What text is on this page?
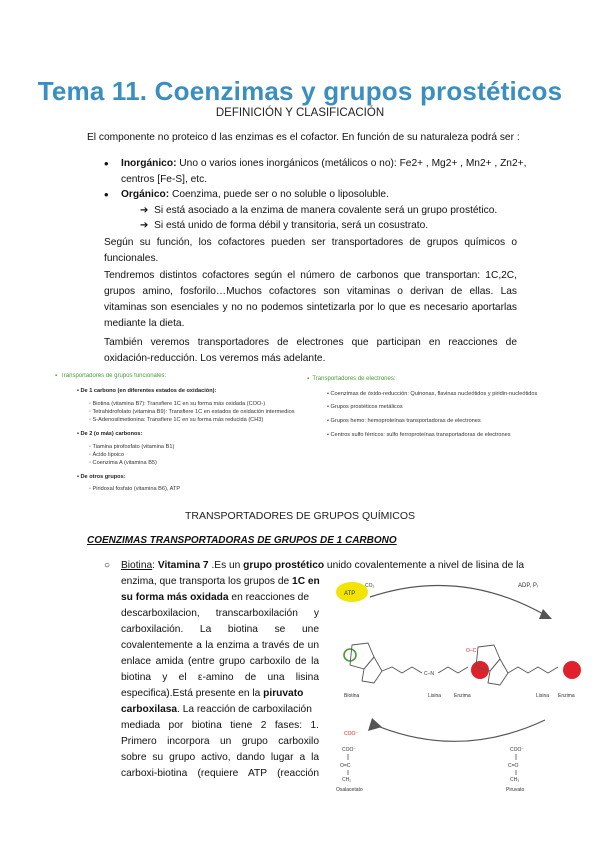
Tema 11. Coenzimas y grupos prostéticos
DEFINICIÓN Y CLASIFICACIÓN
El componente no proteico d las enzimas es el cofactor. En función de su naturaleza podrá ser :
• Inorgánico: Uno o varios iones inorgánicos (metálicos o no): Fe2+ , Mg2+ , Mn2+ , Zn2+,
centros [Fe-S], etc.
• Orgánico: Coenzima, puede ser o no soluble o liposoluble.
➔ Si está asociado a la enzima de manera covalente será un grupo prostético.
➔ Si está unido de forma débil y transitoria, será un cosustrato.
Según su función, los cofactores pueden ser transportadores de grupos químicos o funcionales.
Tendremos distintos cofactores según el número de carbonos que transportan: 1C,2C, grupos amino, fosforilo…Muchos cofactores son vitaminas o derivan de ellas. Las vitaminas son esenciales y no no podemos sintetizarla por lo que es necesario aportarlas mediante la dieta.
También veremos transportadores de electrones que participan en reacciones de oxidación-reducción. Los veremos más adelante.
▪  Transportadores de grupos funcionales:
• De 1 carbono (en diferentes estados de oxidación):
◦ Biotina (vitamina B7): Transfiere 1C en su forma más oxidada (COO-)
◦ Tetrahidrofolato (vitamina B9): Transfiere 1C en estados de oxidación intermedios
◦ S-Adenosilmetionina: Transfiere 1C en su forma más reducida (CH3)
• De 2 (o más) carbonos:
◦ Tiamina pirofosfato (vitamina B1)
◦ Ácido lipoico
◦ Coenzima A (vitamina B5)
• De otros grupos:
◦ Piridoxal fosfato (vitamina B6), ATP
▪  Transportadores de electrones:
• Coenzimas de óxido-reducción: Quinonas, flavinas nucleótidos y piridin-nucleótidos
• Grupos prostéticos metálicos
• Grupos hemo: hemoproteínas transportadoras de electrones
• Centros sulfo férricos: sulfo ferroproteínas transportadoras de electrones
TRANSPORTADORES DE GRUPOS QUÍMICOS
COENZIMAS TRANSPORTADORAS DE GRUPOS DE 1 CARBONO
○ Biotina: Vitamina 7 .Es un grupo prostético unido covalentemente a nivel de lisina de la
enzima, que transporta los grupos de 1C en
su forma más oxidada en reacciones de
descarboxilacion, transcarboxilación y
carboxilación. La biotina se une
covalentemente a la enzima a través de un
enlace amida (entre grupo carboxilo de la
biotina y el ε-amino de una lisina
especifica).Está presente en la piruvato
carboxilasa. La reacción de carboxilación
mediada por biotina tiene 2 fases: 1.
Primero incorpora un grupo carboxilo
sobre su grupo activo, dando lugar a la
carboxi-biotina (requiere ATP (reacción
ATP
CO₂	ADP, Pᵢ
C–N
Biotina	Lisina	Enzima
O–C
Lisina Enzima
COO⁻
O=C
CH₂
COO⁻
Oxalacetato
COO⁻
C=O
CH₃
Piruvato
